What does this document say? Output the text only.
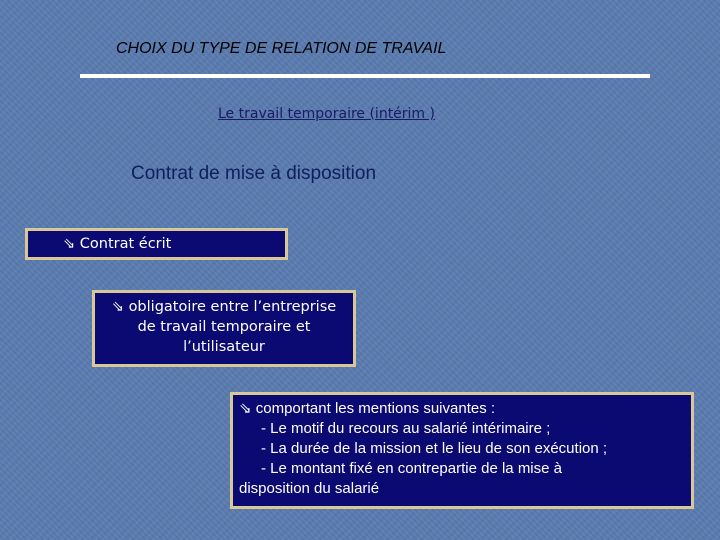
CHOIX DU TYPE DE RELATION DE TRAVAIL
Le travail temporaire (intérim )
Contrat de mise à disposition
⇘ Contrat écrit
⇘ obligatoire entre l’entreprise
de travail temporaire et
l’utilisateur
⇘ comportant les mentions suivantes :
- Le motif du recours au salarié intérimaire ;
- La durée de la mission et le lieu de son exécution ;
- Le montant fixé en contrepartie de la mise à
disposition du salarié
